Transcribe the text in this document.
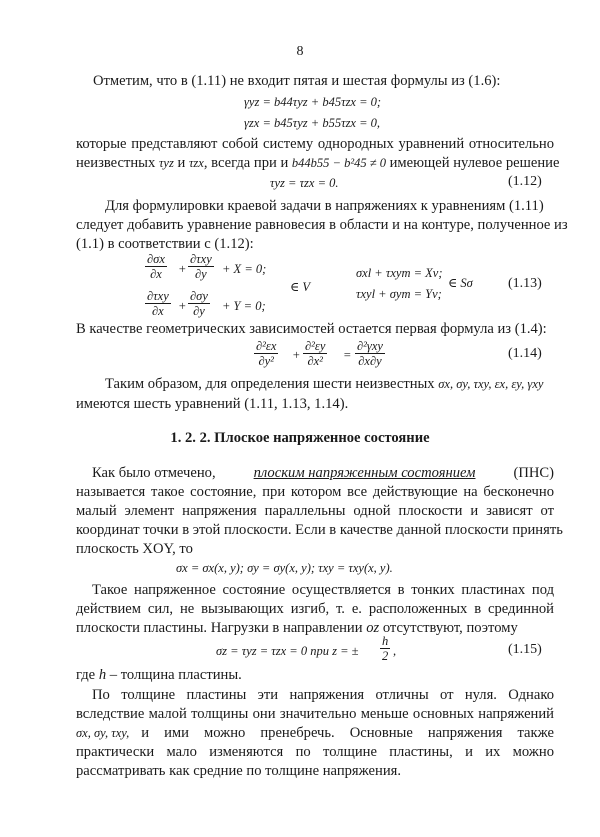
8
Отметим, что в (1.11) не входит пятая и шестая формулы из (1.6):
γyz = b44τyz + b45τzx = 0;
γzx = b45τyz + b55τzx = 0,
которые представляют собой систему однородных уравнений относительно
неизвестных τyz и τzx, всегда при и b44b55 − b²45 ≠ 0 имеющей нулевое решение
τyz = τzx = 0.	(1.12)
Для формулировки краевой задачи в напряжениях к уравнениям (1.11)
следует добавить уравнение равновесия в области и на контуре, полученное из
(1.1) в соответствии с (1.12):
$\frac{\partial\sigma x}{\partial x}$ +
∂τxy
∂y + X = 0;
∂τxy
$\partial x + \frac{\partial\sigma y}{\partial y} + Y = 0$;
∈ V
σxl + τxym = Xν;
τxyl + σym = Yν;
∈ Sσ	(1.13)
В качестве геометрических зависимостей остается первая формула из (1.4):
$\frac{\text{∂²εx}}{\text{∂y²}} + \frac{\text{∂²εy}}{\text{∂x²}}$ =
∂²γxy
∂x∂y	(1.14)
Таким образом, для определения шести неизвестных σx, σy, τxy, εx, εy, γxy
имеются шесть уравнений (1.11, 1.13, 1.14).
1. 2. 2. Плоское напряженное состояние
Как было отмечено,	плоским напряженным состоянием	(ПНС)
называется такое состояние, при котором все действующие на бесконечно
малый элемент напряжения параллельны одной плоскости и зависят от
координат точки в этой плоскости. Если в качестве данной плоскости принять
плоскость XOY, то
σx = σx(x, y); σy = σy(x, y); τxy = τxy(x, y).
Такое напряженное состояние осуществляется в тонких пластинах под
действием сил, не вызывающих изгиб, т. е. расположенных в срединной
плоскости пластины. Нагрузки в направлении oz отсутствуют, поэтому
σz = τyz = τzx = 0 при z = ± $\frac{h}{2}$ ,	(1.15)
где h – толщина пластины.
По толщине пластины эти напряжения отличны от нуля. Однако
вследствие малой толщины они значительно меньше основных напряжений
σx, σy, τxy, и ими можно пренебречь. Основные напряжения также
практически мало изменяются по толщине пластины, и их можно
рассматривать как средние по толщине напряжения.
